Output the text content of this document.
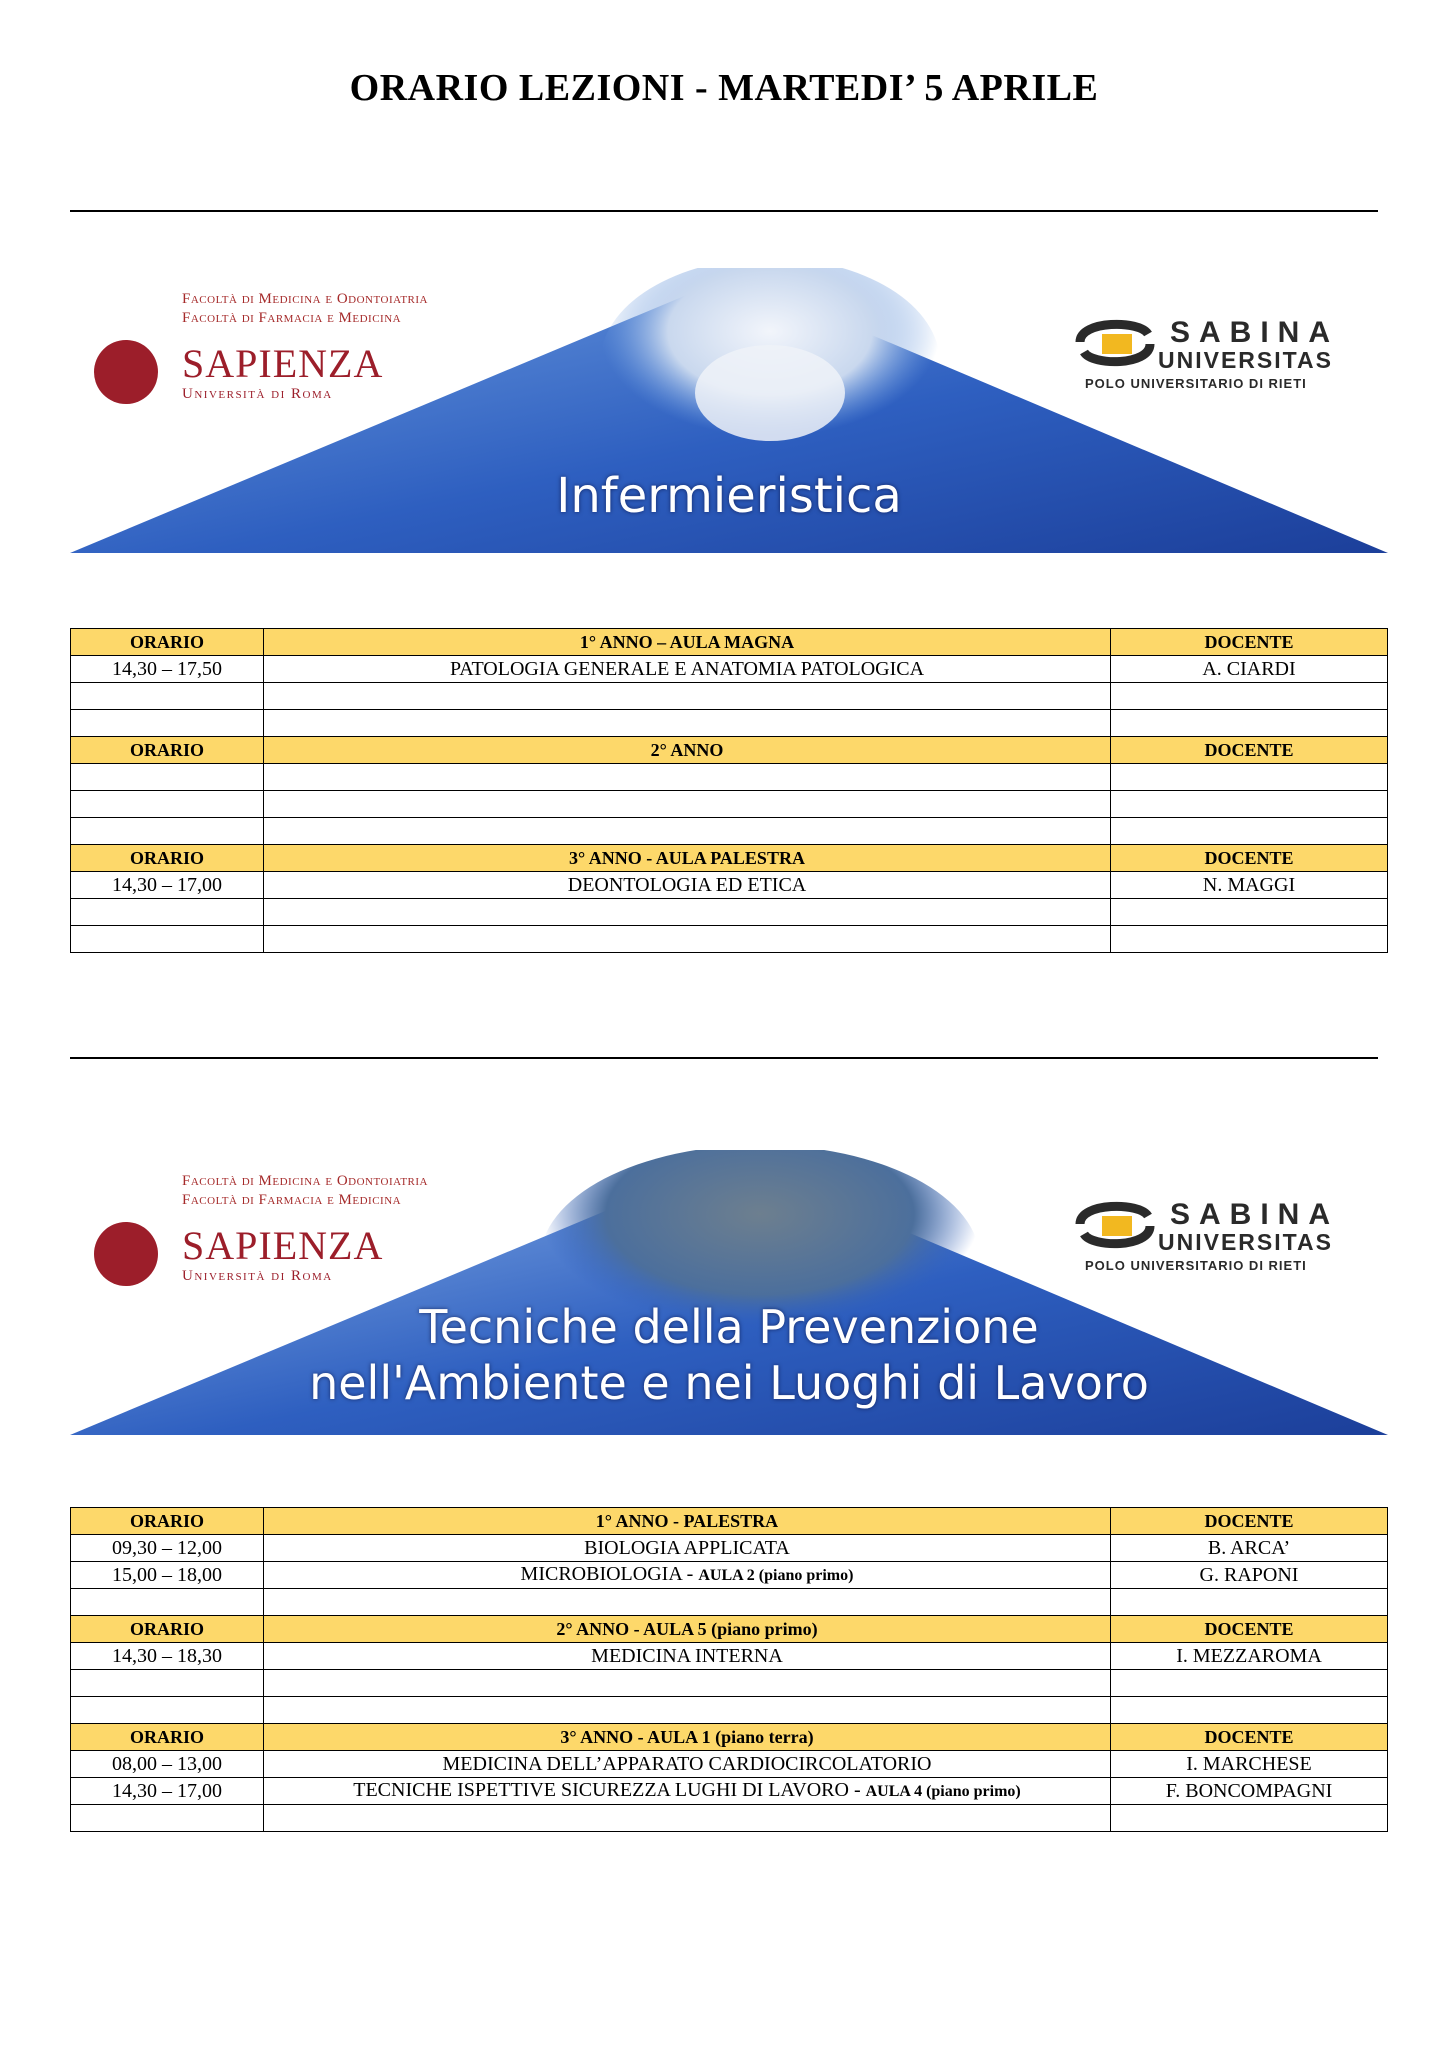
ORARIO LEZIONI - MARTEDI’ 5 APRILE
Facoltà di Medicina e Odontoiatria
Facoltà di Farmacia e Medicina
SAPIENZA
Università di Roma
SABINA
UNIVERSITAS
POLO UNIVERSITARIO DI RIETI
Infermieristica
ORARIO	1° ANNO – AULA MAGNA	DOCENTE
14,30 – 17,50	PATOLOGIA GENERALE E ANATOMIA PATOLOGICA	A. CIARDI

ORARIO	2° ANNO	DOCENTE

ORARIO	3° ANNO - AULA PALESTRA	DOCENTE
14,30 – 17,00	DEONTOLOGIA ED ETICA	N. MAGGI

Facoltà di Medicina e Odontoiatria
Facoltà di Farmacia e Medicina
SAPIENZA
Università di Roma
SABINA
UNIVERSITAS
POLO UNIVERSITARIO DI RIETI
Tecniche della Prevenzione
nell'Ambiente e nei Luoghi di Lavoro
ORARIO	1° ANNO - PALESTRA	DOCENTE
09,30 – 12,00	BIOLOGIA APPLICATA	B. ARCA’
15,00 – 18,00	MICROBIOLOGIA - AULA 2 (piano primo)	G. RAPONI

ORARIO	2° ANNO - AULA 5 (piano primo)	DOCENTE
14,30 – 18,30	MEDICINA INTERNA	I. MEZZAROMA

ORARIO	3° ANNO - AULA 1 (piano terra)	DOCENTE
08,00 – 13,00	MEDICINA DELL’APPARATO CARDIOCIRCOLATORIO	I. MARCHESE
14,30 – 17,00	TECNICHE ISPETTIVE SICUREZZA LUGHI DI LAVORO - AULA 4 (piano primo)	F. BONCOMPAGNI
